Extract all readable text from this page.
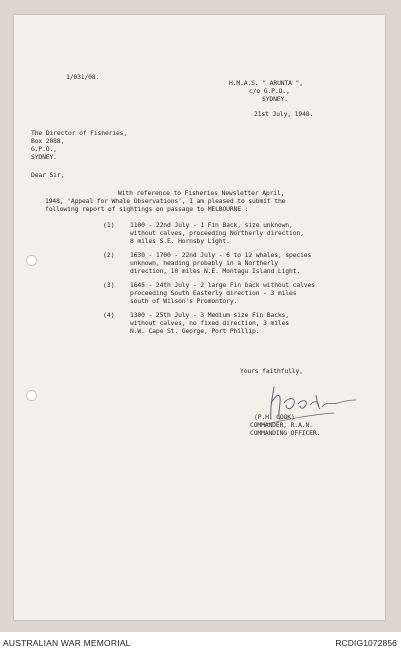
1/031/08.
H.M.A.S. " ARUNTA ",
c/o G.P.O.,
SYDNEY.
21st July, 1948.
The Director of Fisheries,
Box 2088,
G.P.O.,
SYDNEY.
Dear Sir,
With reference to Fisheries Newsletter April,
1948, 'Appeal for Whale Observations', I am pleased to submit the
following report of sightings on passage to MELBOURNE :
(1) 1100 - 22nd July - 1 Fin Back, size unknown,
without calves, proceeding Northerly direction,
8 miles S.E. Hornsby Light.
(2) 1630 - 1700 - 22nd July - 6 to 12 whales, species
unknown, heading probably in a Northerly
direction, 10 miles N.E. Montagu Island Light.
(3) 1645 - 24th July - 2 large Fin back without calves
proceeding South Easterly direction - 3 miles
south of Wilson's Promontory.
(4) 1300 - 25th July - 3 Medium size Fin Backs,
without calves, no fixed direction, 3 miles
N.W. Cape St. George, Port Phillip.
Yours faithfully,
(P.H. COOK)
COMMANDER, R.A.N.
COMMANDING OFFICER.
AUSTRALIAN WAR MEMORIAL	RCDIG1072856
